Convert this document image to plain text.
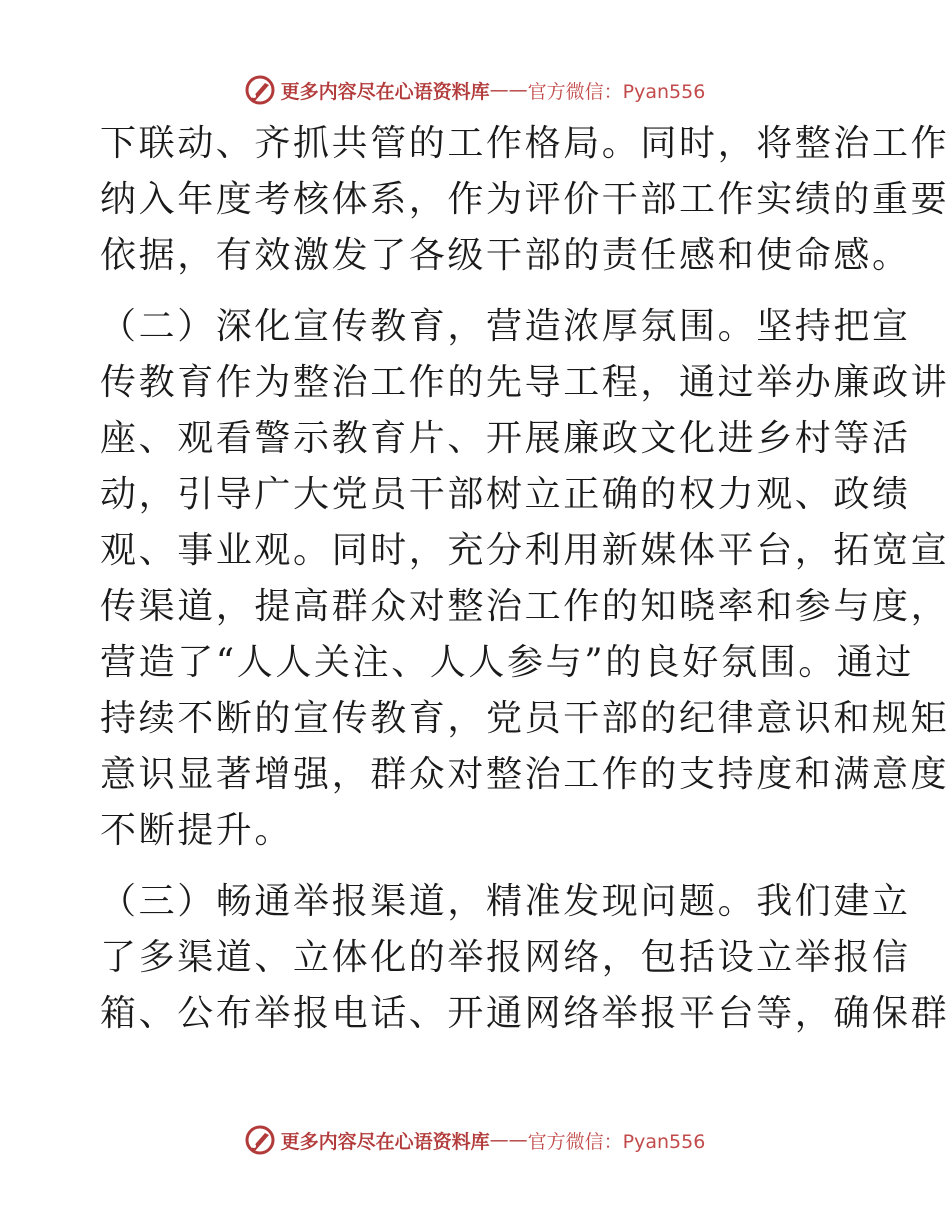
更多内容尽在心语资料库 —— 官方微信：Pyan556
下联动、齐抓共管的工作格局。同时，将整治工作
纳入年度考核体系，作为评价干部工作实绩的重要
依据，有效激发了各级干部的责任感和使命感。
（二）深化宣传教育，营造浓厚氛围。坚持把宣
传教育作为整治工作的先导工程，通过举办廉政讲
座、观看警示教育片、开展廉政文化进乡村等活
动，引导广大党员干部树立正确的权力观、政绩
观、事业观。同时，充分利用新媒体平台，拓宽宣
传渠道，提高群众对整治工作的知晓率和参与度，
营造了“人人关注、人人参与”的良好氛围。通过
持续不断的宣传教育，党员干部的纪律意识和规矩
意识显著增强，群众对整治工作的支持度和满意度
不断提升。
（三）畅通举报渠道，精准发现问题。我们建立
了多渠道、立体化的举报网络，包括设立举报信
箱、公布举报电话、开通网络举报平台等，确保群
更多内容尽在心语资料库 —— 官方微信：Pyan556
